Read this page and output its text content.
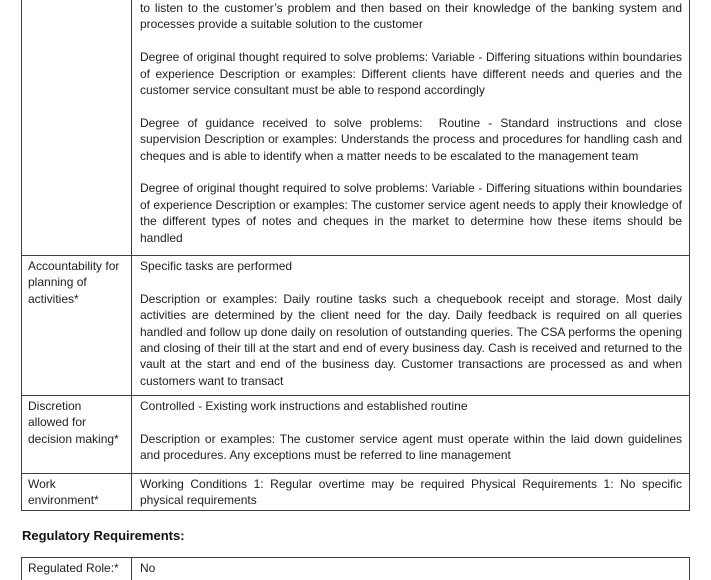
to listen to the customer’s problem and then based on their knowledge of the banking system and processes provide a suitable solution to the customer

Degree of original thought required to solve problems: Variable - Differing situations within boundaries of experience Description or examples: Different clients have different needs and queries and the customer service consultant must be able to respond accordingly

Degree of guidance received to solve problems:  Routine - Standard instructions and close supervision Description or examples: Understands the process and procedures for handling cash and cheques and is able to identify when a matter needs to be escalated to the management team

Degree of original thought required to solve problems: Variable - Differing situations within boundaries of experience Description or examples: The customer service agent needs to apply their knowledge of the different types of notes and cheques in the market to determine how these items should be handled

Accountability for planning of activities*

Specific tasks are performed

Description or examples: Daily routine tasks such a chequebook receipt and storage. Most daily activities are determined by the client need for the day. Daily feedback is required on all queries handled and follow up done daily on resolution of outstanding queries. The CSA performs the opening and closing of their till at the start and end of every business day. Cash is received and returned to the vault at the start and end of the business day. Customer transactions are processed as and when customers want to transact

Discretion allowed for decision making*

Controlled - Existing work instructions and established routine

Description or examples: The customer service agent must operate within the laid down guidelines and procedures. Any exceptions must be referred to line management

Work environment*

Working Conditions 1: Regular overtime may be required Physical Requirements 1: No specific physical requirements

Regulatory Requirements:

Regulated Role:*	No
